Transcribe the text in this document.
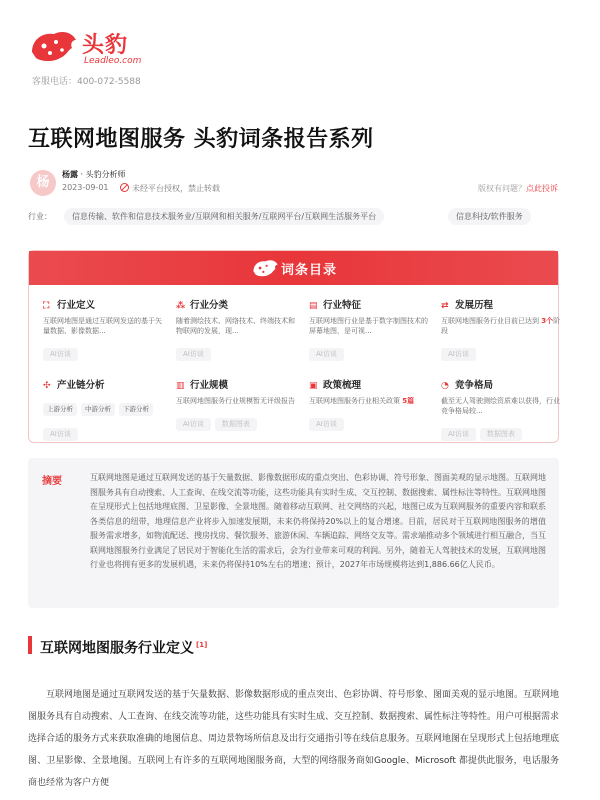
头豹
Leadleo.com
客服电话：400-072-5588
互联网地图服务 头豹词条报告系列
杨
杨露 · 头豹分析师
2023-09-01	未经平台授权，禁止转载	版权有问题？点此投诉
行业：	信息传输、软件和信息技术服务业/互联网和相关服务/互联网平台/互联网生活服务平台	信息科技/软件服务
词条目录
⛶ 行业定义
互联网地图是通过互联网发送的基于矢量数据、影像数据...
AI访谈
⁂ 行业分类
随着测绘技术、网络技术、终端技术和物联网的发展，现...
AI访谈
▤ 行业特征
互联网地图行业是基于数字制图技术的屏幕地图，是可视...
AI访谈
⇄ 发展历程
互联网地图服务行业目前已达到 3个阶段
AI访谈
✣ 产业链分析
上游分析 中游分析 下游分析
AI访谈
▥ 行业规模
互联网地图服务行业规模暂无评级报告
AI访谈	数据图表
▣ 政策梳理
互联网地图服务行业相关政策 5篇
AI访谈
◔ 竞争格局
截至无人驾驶测绘资质难以获得，行业竞争格局较...
AI访谈	数据图表
摘要	互联网地图是通过互联网发送的基于矢量数据、影像数据形成的重点突出、色彩协调、符号形象、图面美观的显示地图。互联网地图服务具有自动搜索、人工查询、在线交流等功能，这些功能具有实时生成、交互控制、数据搜索、属性标注等特性。互联网地图在呈现形式上包括地理底图、卫星影像、全景地图。随着移动互联网、社交网络的兴起，地图已成为互联网服务的重要内容和联系各类信息的纽带，地理信息产业将步入加速发展期，未来仍将保持20%以上的复合增速。目前，居民对于互联网地图服务的增值服务需求增多，如物流配送、搜房找房、餐饮服务、旅游休闲、车辆追踪、网络交友等。需求端推动多个领域进行相互融合，当互联网地图服务行业满足了居民对于智能化生活的需求后，会为行业带来可观的利润。另外，随着无人驾驶技术的发展，互联网地图行业也将拥有更多的发展机遇，未来仍将保持10%左右的增速；预计，2027年市场规模将达到1,886.66亿人民币。
互联网地图服务行业定义 [1]

互联网地图是通过互联网发送的基于矢量数据、影像数据形成的重点突出、色彩协调、符号形象、图面美观的显示地图。互联网地图服务具有自动搜索、人工查询、在线交流等功能，这些功能具有实时生成、交互控制、数据搜索、属性标注等特性。用户可根据需求选择合适的服务方式来获取准确的地图信息、周边景物场所信息及出行交通指引等在线信息服务。互联网地图在呈现形式上包括地理底图、卫星影像、全景地图。互联网上有许多的互联网地图服务商，大型的网络服务商如Google、Microsoft 都提供此服务，电话服务商也经常为客户方便
